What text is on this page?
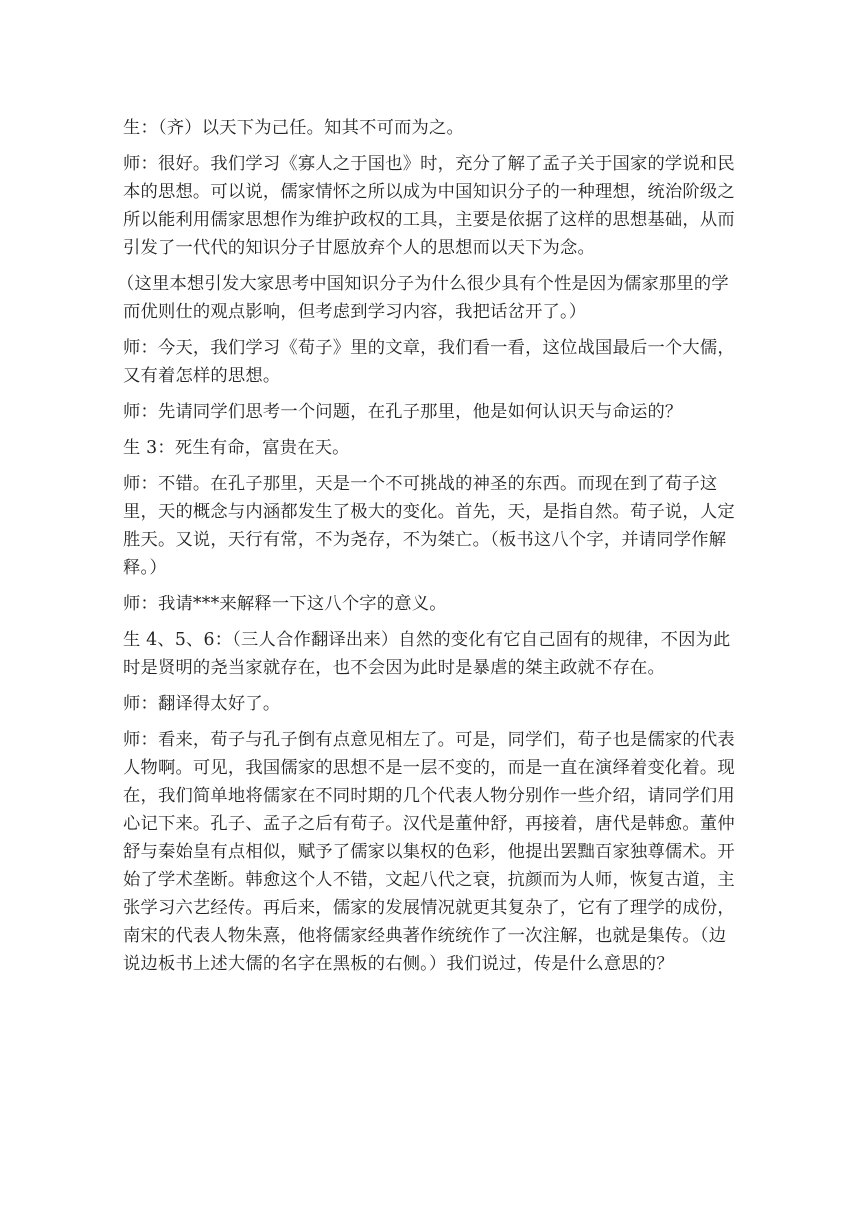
生：（齐）以天下为己任。知其不可而为之。

师：很好。我们学习《寡人之于国也》时，充分了解了孟子关于国家的学说和民本的思想。可以说，儒家情怀之所以成为中国知识分子的一种理想，统治阶级之所以能利用儒家思想作为维护政权的工具，主要是依据了这样的思想基础，从而引发了一代代的知识分子甘愿放弃个人的思想而以天下为念。

（这里本想引发大家思考中国知识分子为什么很少具有个性是因为儒家那里的学而优则仕的观点影响，但考虑到学习内容，我把话岔开了。）

师：今天，我们学习《荀子》里的文章，我们看一看，这位战国最后一个大儒，又有着怎样的思想。

师：先请同学们思考一个问题，在孔子那里，他是如何认识天与命运的？

生 3：死生有命，富贵在天。

师：不错。在孔子那里，天是一个不可挑战的神圣的东西。而现在到了荀子这里，天的概念与内涵都发生了极大的变化。首先，天，是指自然。荀子说，人定胜天。又说，天行有常，不为尧存，不为桀亡。（板书这八个字，并请同学作解释。）

师：我请***来解释一下这八个字的意义。

生 4、5、6：（三人合作翻译出来）自然的变化有它自己固有的规律，不因为此时是贤明的尧当家就存在，也不会因为此时是暴虐的桀主政就不存在。

师：翻译得太好了。

师：看来，荀子与孔子倒有点意见相左了。可是，同学们，荀子也是儒家的代表人物啊。可见，我国儒家的思想不是一层不变的，而是一直在演绎着变化着。现在，我们简单地将儒家在不同时期的几个代表人物分别作一些介绍，请同学们用心记下来。孔子、孟子之后有荀子。汉代是董仲舒，再接着，唐代是韩愈。董仲舒与秦始皇有点相似，赋予了儒家以集权的色彩，他提出罢黜百家独尊儒术。开始了学术垄断。韩愈这个人不错，文起八代之衰，抗颜而为人师，恢复古道，主张学习六艺经传。再后来，儒家的发展情况就更其复杂了，它有了理学的成份，南宋的代表人物朱熹，他将儒家经典著作统统作了一次注解，也就是集传。（边说边板书上述大儒的名字在黑板的右侧。）我们说过，传是什么意思的？
